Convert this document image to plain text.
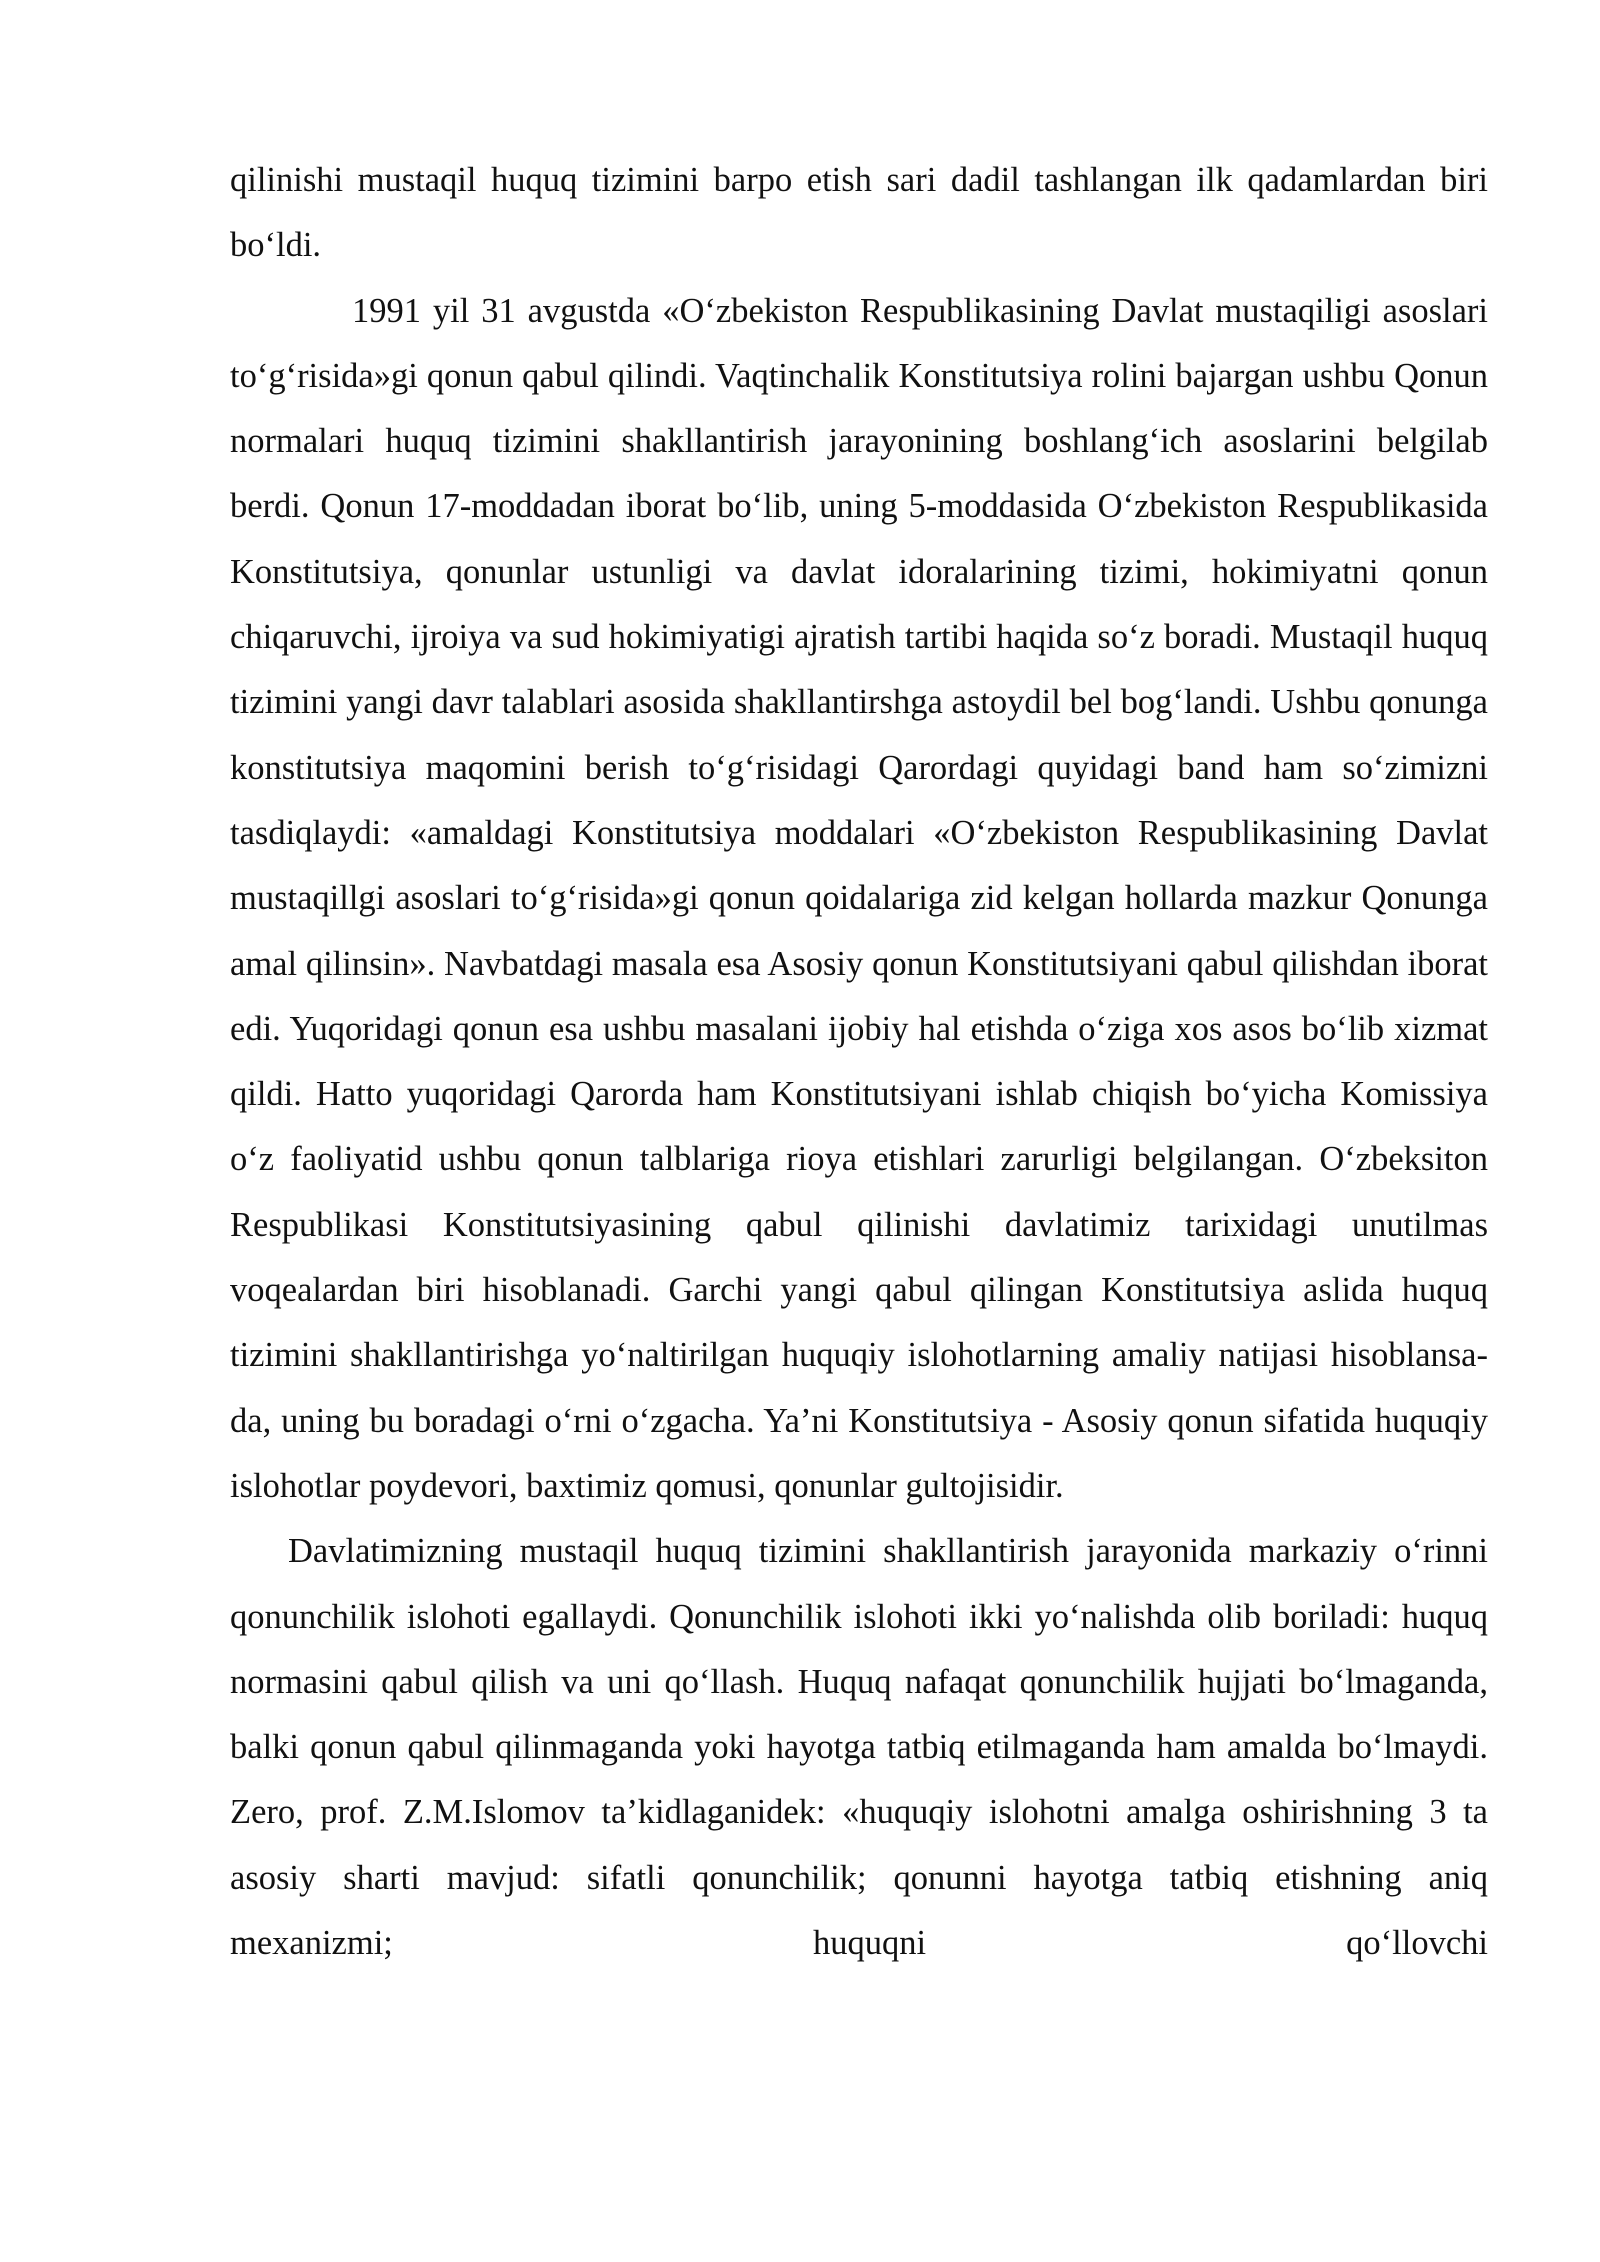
qilinishi mustaqil huquq tizimini barpo etish sari dadil tashlangan ilk qadamlardan biri bo‘ldi.

1991 yil 31 avgustda «O‘zbekiston Respublikasining Davlat mustaqiligi asoslari to‘g‘risida»gi qonun qabul qilindi. Vaqtinchalik Konstitutsiya rolini bajargan ushbu Qonun normalari huquq tizimini shakllantirish jarayonining boshlang‘ich asoslarini belgilab berdi. Qonun 17-moddadan iborat bo‘lib, uning 5-moddasida O‘zbekiston Respublikasida Konstitutsiya, qonunlar ustunligi va davlat idoralarining tizimi, hokimiyatni qonun chiqaruvchi, ijroiya va sud hokimiyatigi ajratish tartibi haqida so‘z boradi. Mustaqil huquq tizimini yangi davr talablari asosida shakllantirshga astoydil bel bog‘landi. Ushbu qonunga konstitutsiya maqomini berish to‘g‘risidagi Qarordagi quyidagi band ham so‘zimizni tasdiqlaydi: «amaldagi Konstitutsiya moddalari «O‘zbekiston Respublikasining Davlat mustaqillgi asoslari to‘g‘risida»gi qonun qoidalariga zid kelgan hollarda mazkur Qonunga amal qilinsin». Navbatdagi masala esa Asosiy qonun Konstitutsiyani qabul qilishdan iborat edi. Yuqoridagi qonun esa ushbu masalani ijobiy hal etishda o‘ziga xos asos bo‘lib xizmat qildi. Hatto yuqoridagi Qarorda ham Konstitutsiyani ishlab chiqish bo‘yicha Komissiya o‘z faoliyatid ushbu qonun talblariga rioya etishlari zarurligi belgilangan. O‘zbeksiton Respublikasi Konstitutsiyasining qabul qilinishi davlatimiz tarixidagi unutilmas voqealardan biri hisoblanadi. Garchi yangi qabul qilingan Konstitutsiya aslida huquq tizimini shakllantirishga yo‘naltirilgan huquqiy islohotlarning amaliy natijasi hisoblansa-da, uning bu boradagi o‘rni o‘zgacha. Ya’ni Konstitutsiya - Asosiy qonun sifatida huquqiy islohotlar poydevori, baxtimiz qomusi, qonunlar gultojisidir.

Davlatimizning mustaqil huquq tizimini shakllantirish jarayonida markaziy o‘rinni qonunchilik islohoti egallaydi. Qonunchilik islohoti ikki yo‘nalishda olib boriladi: huquq normasini qabul qilish va uni qo‘llash. Huquq nafaqat qonunchilik hujjati bo‘lmaganda, balki qonun qabul qilinmaganda yoki hayotga tatbiq etilmaganda ham amalda bo‘lmaydi. Zero, prof. Z.M.Islomov ta’kidlaganidek: «huquqiy islohotni amalga oshirishning 3 ta asosiy sharti mavjud: sifatli qonunchilik; qonunni hayotga tatbiq etishning aniq mexanizmi; huquqni qo‘llovchi
